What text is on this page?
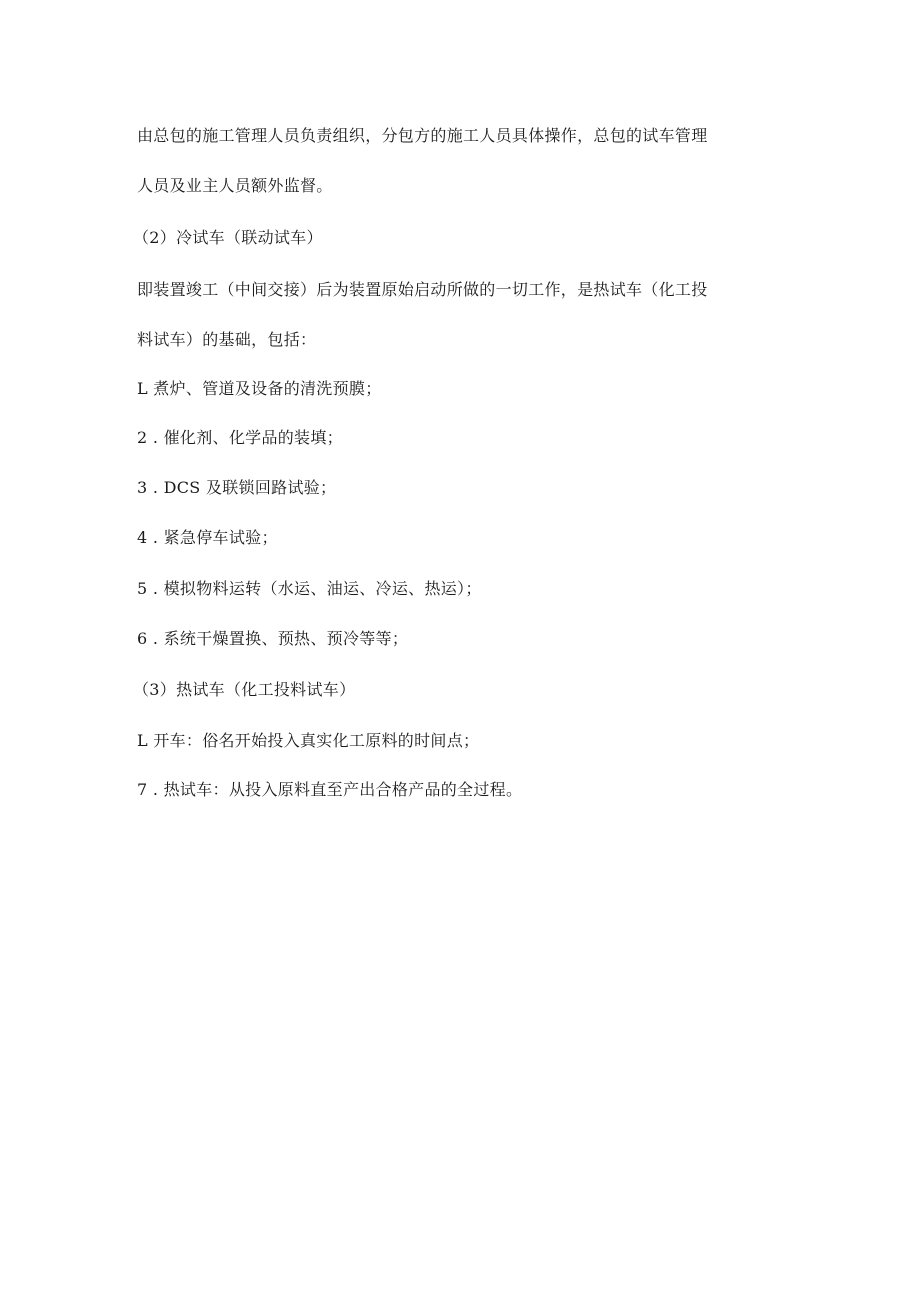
由总包的施工管理人员负责组织，分包方的施工人员具体操作，总包的试车管理
人员及业主人员额外监督。
（2）冷试车（联动试车）
即装置竣工（中间交接）后为装置原始启动所做的一切工作，是热试车（化工投
料试车）的基础，包括：
L 煮炉、管道及设备的清洗预膜；
2 . 催化剂、化学品的装填；
3 . DCS 及联锁回路试验；
4 . 紧急停车试验；
5 . 模拟物料运转（水运、油运、冷运、热运）；
6 . 系统干燥置换、预热、预冷等等；
（3）热试车（化工投料试车）
L 开车：俗名开始投入真实化工原料的时间点；
7 . 热试车：从投入原料直至产出合格产品的全过程。
